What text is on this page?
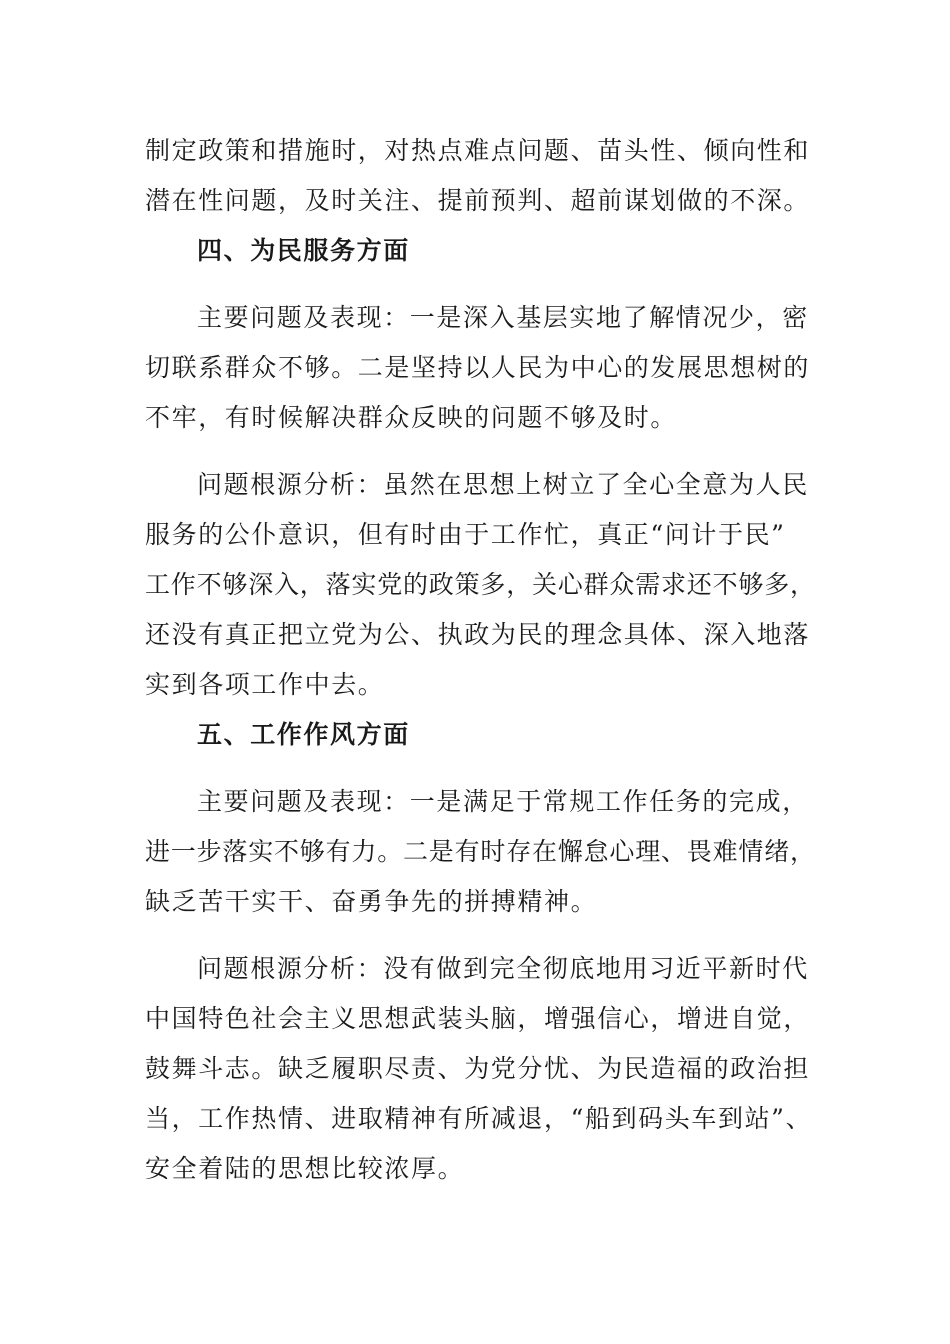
制定政策和措施时，对热点难点问题、苗头性、倾向性和
潜在性问题，及时关注、提前预判、超前谋划做的不深。
四、为民服务方面
主要问题及表现：一是深入基层实地了解情况少，密
切联系群众不够。二是坚持以人民为中心的发展思想树的
不牢，有时候解决群众反映的问题不够及时。
问题根源分析：虽然在思想上树立了全心全意为人民
服务的公仆意识，但有时由于工作忙，真正“问计于民”
工作不够深入，落实党的政策多，关心群众需求还不够多，
还没有真正把立党为公、执政为民的理念具体、深入地落
实到各项工作中去。
五、工作作风方面
主要问题及表现：一是满足于常规工作任务的完成，
进一步落实不够有力。二是有时存在懈怠心理、畏难情绪，
缺乏苦干实干、奋勇争先的拼搏精神。
问题根源分析：没有做到完全彻底地用习近平新时代
中国特色社会主义思想武装头脑，增强信心，增进自觉，
鼓舞斗志。缺乏履职尽责、为党分忧、为民造福的政治担
当，工作热情、进取精神有所减退，“船到码头车到站”、
安全着陆的思想比较浓厚。
